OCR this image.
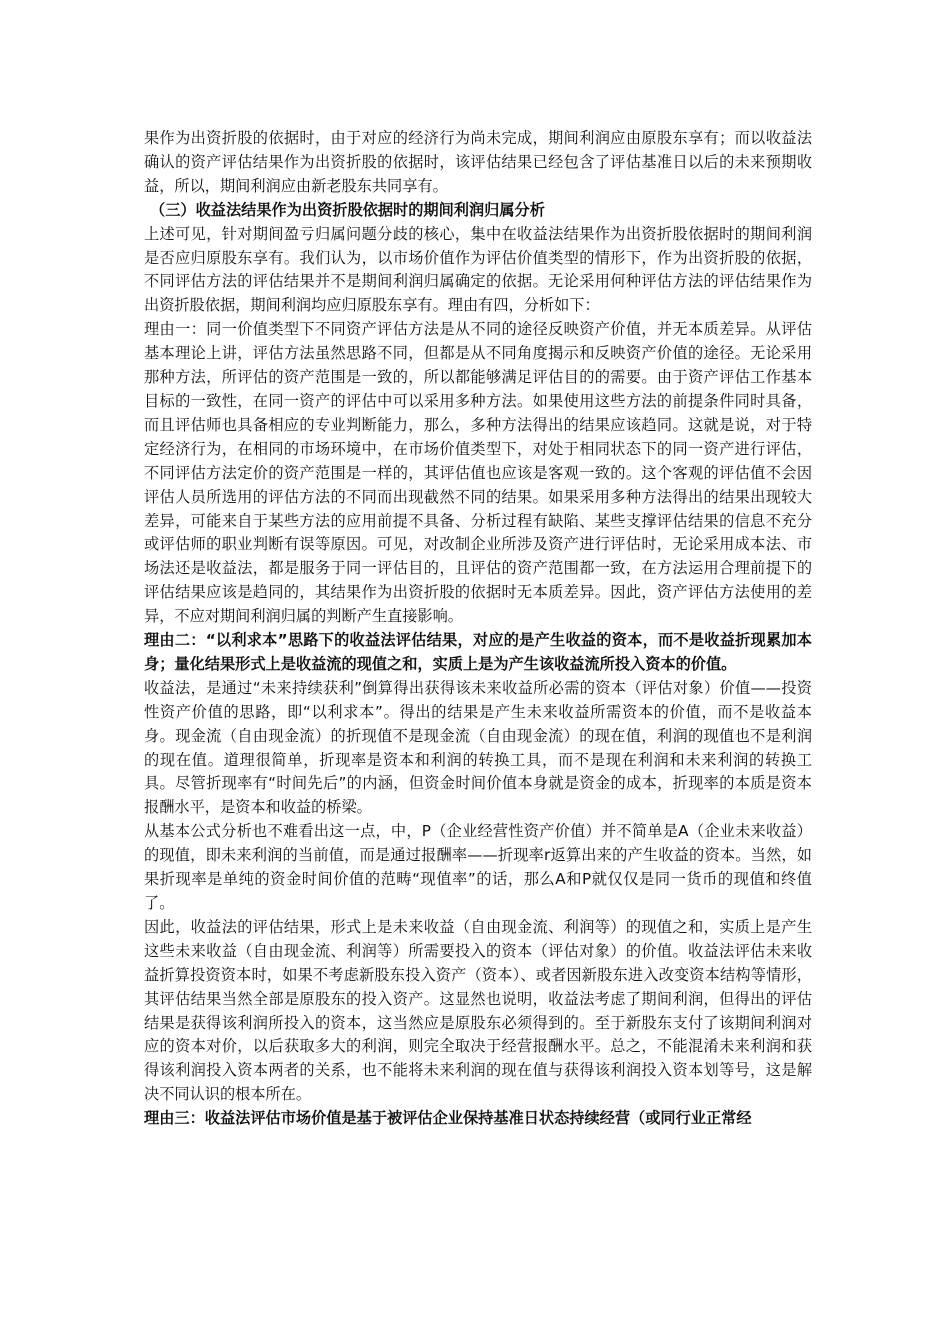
果作为出资折股的依据时，由于对应的经济行为尚未完成，期间利润应由原股东享有；而以收益法确认的资产评估结果作为出资折股的依据时，该评估结果已经包含了评估基准日以后的未来预期收益，所以，期间利润应由新老股东共同享有。

（三）收益法结果作为出资折股依据时的期间利润归属分析

上述可见，针对期间盈亏归属问题分歧的核心，集中在收益法结果作为出资折股依据时的期间利润是否应归原股东享有。我们认为，以市场价值作为评估价值类型的情形下，作为出资折股的依据，不同评估方法的评估结果并不是期间利润归属确定的依据。无论采用何种评估方法的评估结果作为出资折股依据，期间利润均应归原股东享有。理由有四，分析如下：

理由一：同一价值类型下不同资产评估方法是从不同的途径反映资产价值，并无本质差异。从评估基本理论上讲，评估方法虽然思路不同，但都是从不同角度揭示和反映资产价值的途径。无论采用那种方法，所评估的资产范围是一致的，所以都能够满足评估目的的需要。由于资产评估工作基本目标的一致性，在同一资产的评估中可以采用多种方法。如果使用这些方法的前提条件同时具备，而且评估师也具备相应的专业判断能力，那么，多种方法得出的结果应该趋同。这就是说，对于特定经济行为，在相同的市场环境中，在市场价值类型下，对处于相同状态下的同一资产进行评估，不同评估方法定价的资产范围是一样的，其评估值也应该是客观一致的。这个客观的评估值不会因评估人员所选用的评估方法的不同而出现截然不同的结果。如果采用多种方法得出的结果出现较大差异，可能来自于某些方法的应用前提不具备、分析过程有缺陷、某些支撑评估结果的信息不充分或评估师的职业判断有误等原因。可见，对改制企业所涉及资产进行评估时，无论采用成本法、市场法还是收益法，都是服务于同一评估目的，且评估的资产范围都一致，在方法运用合理前提下的评估结果应该是趋同的，其结果作为出资折股的依据时无本质差异。因此，资产评估方法使用的差异，不应对期间利润归属的判断产生直接影响。

理由二：“以利求本”思路下的收益法评估结果，对应的是产生收益的资本，而不是收益折现累加本身；量化结果形式上是收益流的现值之和，实质上是为产生该收益流所投入资本的价值。

收益法，是通过“未来持续获利”倒算得出获得该未来收益所必需的资本（评估对象）价值——投资性资产价值的思路，即“以利求本”。得出的结果是产生未来收益所需资本的价值，而不是收益本身。现金流（自由现金流）的折现值不是现金流（自由现金流）的现在值，利润的现值也不是利润的现在值。道理很简单，折现率是资本和利润的转换工具，而不是现在利润和未来利润的转换工具。尽管折现率有“时间先后”的内涵，但资金时间价值本身就是资金的成本，折现率的本质是资本报酬水平，是资本和收益的桥梁。

从基本公式分析也不难看出这一点，中，P（企业经营性资产价值）并不简单是A（企业未来收益）的现值，即未来利润的当前值，而是通过报酬率——折现率r返算出来的产生收益的资本。当然，如果折现率是单纯的资金时间价值的范畴“现值率”的话，那么A和P就仅仅是同一货币的现值和终值了。

因此，收益法的评估结果，形式上是未来收益（自由现金流、利润等）的现值之和，实质上是产生这些未来收益（自由现金流、利润等）所需要投入的资本（评估对象）的价值。收益法评估未来收益折算投资资本时，如果不考虑新股东投入资产（资本）、或者因新股东进入改变资本结构等情形，其评估结果当然全部是原股东的投入资产。这显然也说明，收益法考虑了期间利润，但得出的评估结果是获得该利润所投入的资本，这当然应是原股东必须得到的。至于新股东支付了该期间利润对应的资本对价，以后获取多大的利润，则完全取决于经营报酬水平。总之，不能混淆未来利润和获得该利润投入资本两者的关系，也不能将未来利润的现在值与获得该利润投入资本划等号，这是解决不同认识的根本所在。

理由三：收益法评估市场价值是基于被评估企业保持基准日状态持续经营（或同行业正常经
